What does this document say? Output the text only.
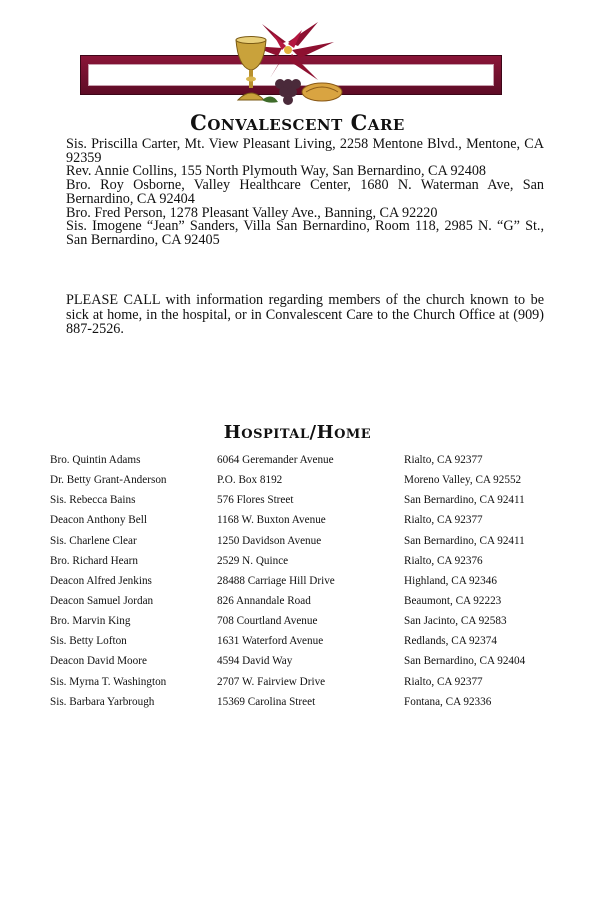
Convalescent Care

Sis. Priscilla Carter, Mt. View Pleasant Living, 2258 Mentone Blvd., Mentone, CA 92359

Rev. Annie Collins, 155 North Plymouth Way, San Bernardino, CA 92408

Bro. Roy Osborne, Valley Healthcare Center, 1680 N. Waterman Ave, San Bernardino, CA 92404

Bro. Fred Person, 1278 Pleasant Valley Ave., Banning, CA 92220

Sis. Imogene “Jean” Sanders, Villa San Bernardino, Room 118, 2985 N. “G” St., San Bernardino, CA 92405

PLEASE CALL with information regarding members of the church known to be sick at home, in the hospital, or in Convalescent Care to the Church Office at (909) 887-2526.

Hospital/Home
Bro. Quintin Adams	6064 Geremander Avenue	Rialto, CA 92377
Dr. Betty Grant-Anderson	P.O. Box 8192	Moreno Valley, CA 92552
Sis. Rebecca Bains	576 Flores Street	San Bernardino, CA 92411
Deacon Anthony Bell	1168 W. Buxton Avenue	Rialto, CA 92377
Sis. Charlene Clear	1250 Davidson Avenue	San Bernardino, CA 92411
Bro. Richard Hearn	2529 N. Quince	Rialto, CA 92376
Deacon Alfred Jenkins	28488 Carriage Hill Drive	Highland, CA 92346
Deacon Samuel Jordan	826 Annandale Road	Beaumont, CA 92223
Bro. Marvin King	708 Courtland Avenue	San Jacinto, CA 92583
Sis. Betty Lofton	1631 Waterford Avenue	Redlands, CA 92374
Deacon David Moore	4594 David Way	San Bernardino, CA 92404
Sis. Myrna T. Washington	2707 W. Fairview Drive	Rialto, CA 92377
Sis. Barbara Yarbrough	15369 Carolina Street	Fontana, CA 92336
